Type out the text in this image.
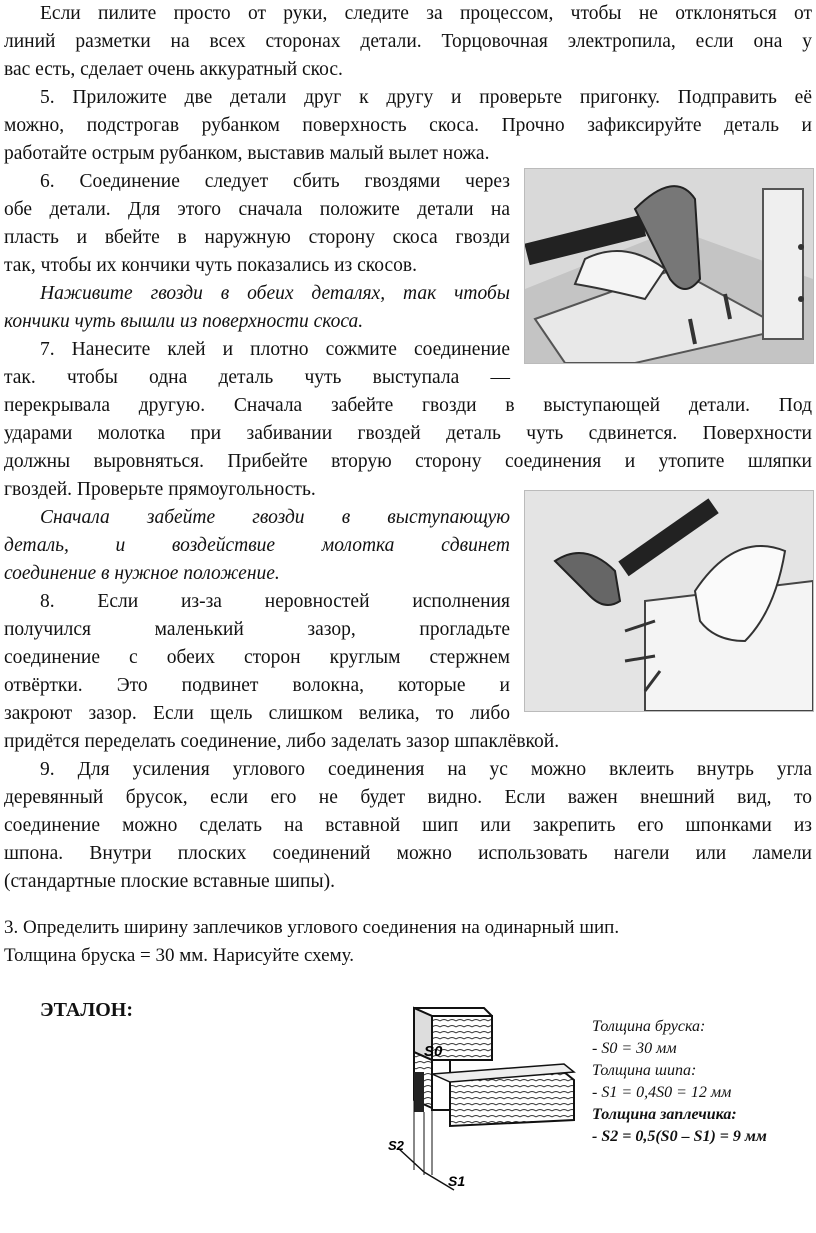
Если пилите просто от руки, следите за процессом, чтобы не отклоняться от
линий разметки на всех сторонах детали. Торцовочная электропила, если она у
вас есть, сделает очень аккуратный скос.
5. Приложите две детали друг к другу и проверьте пригонку. Подправить её
можно, подстрогав рубанком поверхность скоса. Прочно зафиксируйте деталь и
работайте острым рубанком, выставив малый вылет ножа.
6. Соединение следует сбить гвоздями через
обе детали. Для этого сначала положите детали на
пласть и вбейте в наружную сторону скоса гвозди
так, чтобы их кончики чуть показались из скосов.
Наживите гвозди в обеих деталях, так чтобы
кончики чуть вышли из поверхности скоса.
7. Нанесите клей и плотно сожмите соединение
так. чтобы одна деталь чуть выступала —
перекрывала другую. Сначала забейте гвозди в выступающей детали. Под
ударами молотка при забивании гвоздей деталь чуть сдвинется. Поверхности
должны выровняться. Прибейте вторую сторону соединения и утопите шляпки
гвоздей. Проверьте прямоугольность.
Сначала забейте гвозди в выступающую
деталь, и воздействие молотка сдвинет
соединение в нужное положение.
8. Если из-за неровностей исполнения
получился маленький зазор, прогладьте
соединение с обеих сторон круглым стержнем
отвёртки. Это подвинет волокна, которые и
закроют зазор. Если щель слишком велика, то либо
придётся переделать соединение, либо заделать зазор шпаклёвкой.
9. Для усиления углового соединения на ус можно вклеить внутрь угла
деревянный брусок, если его не будет видно. Если важен внешний вид, то
соединение можно сделать на вставной шип или закрепить его шпонками из
шпона. Внутри плоских соединений можно использовать нагели или ламели
(стандартные плоские вставные шипы).
3. Определить ширину заплечиков углового соединения на одинарный шип.
Толщина бруска = 30 мм. Нарисуйте схему.
ЭТАЛОН:
S0
S2
S1
Толщина бруска:
- S0 = 30 мм
Толщина шипа:
- S1 = 0,4S0 = 12 мм
Толщина заплечика:
- S2 = 0,5(S0 – S1) = 9 мм
